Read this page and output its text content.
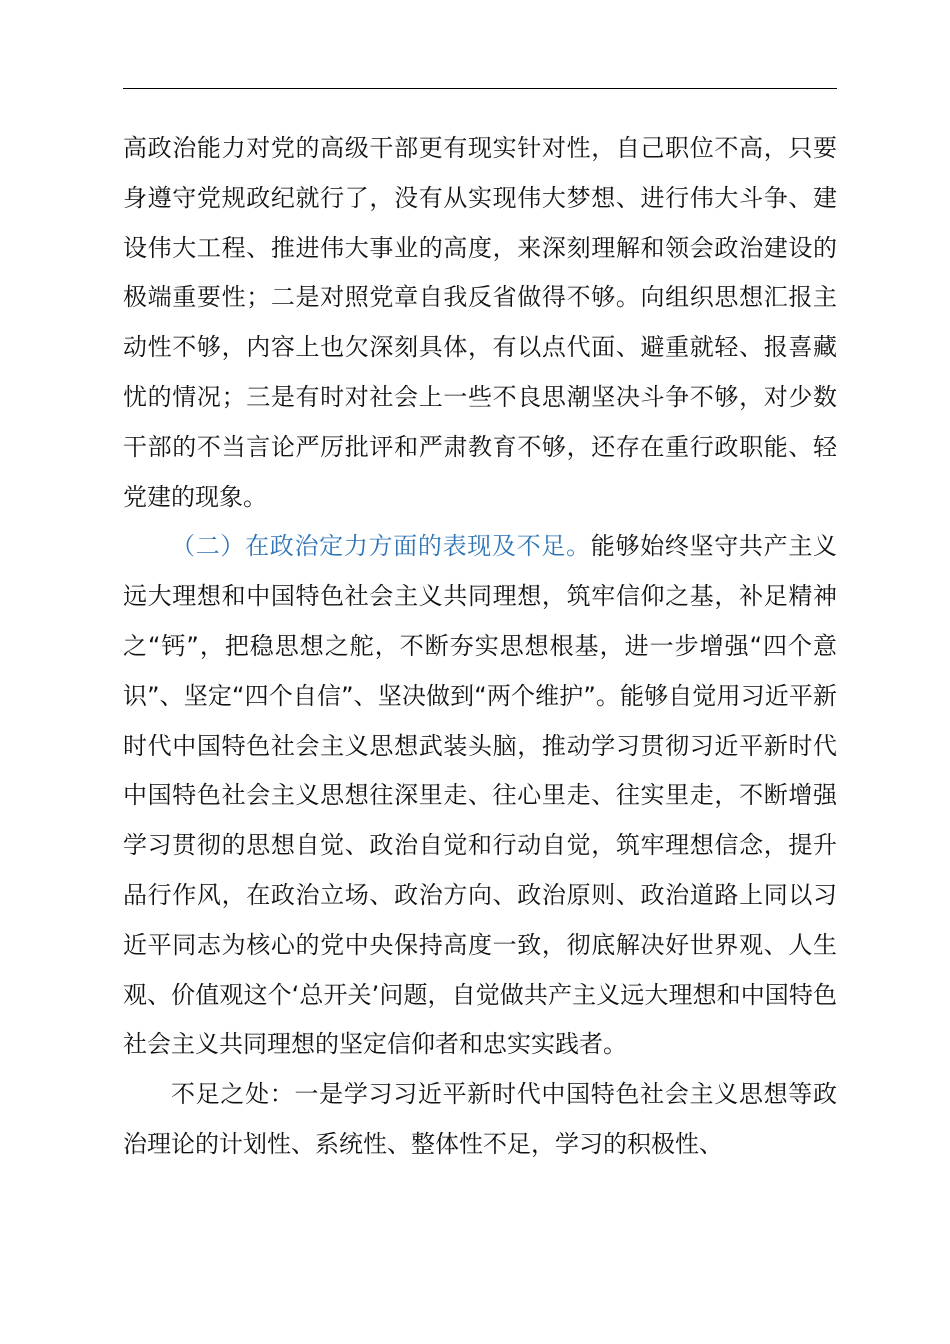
高政治能力对党的高级干部更有现实针对性，自己职位不高，只要身遵守党规政纪就行了，没有从实现伟大梦想、进行伟大斗争、建设伟大工程、推进伟大事业的高度，来深刻理解和领会政治建设的极端重要性；二是对照党章自我反省做得不够。向组织思想汇报主动性不够，内容上也欠深刻具体，有以点代面、避重就轻、报喜藏忧的情况；三是有时对社会上一些不良思潮坚决斗争不够，对少数干部的不当言论严厉批评和严肃教育不够，还存在重行政职能、轻党建的现象。

（二）在政治定力方面的表现及不足。能够始终坚守共产主义远大理想和中国特色社会主义共同理想，筑牢信仰之基，补足精神之“钙”，把稳思想之舵，不断夯实思想根基，进一步增强“四个意识”、坚定“四个自信”、坚决做到“两个维护”。能够自觉用习近平新时代中国特色社会主义思想武装头脑，推动学习贯彻习近平新时代中国特色社会主义思想往深里走、往心里走、往实里走，不断增强学习贯彻的思想自觉、政治自觉和行动自觉，筑牢理想信念，提升品行作风，在政治立场、政治方向、政治原则、政治道路上同以习近平同志为核心的党中央保持高度一致，彻底解决好世界观、人生观、价值观这个‘总开关’问题，自觉做共产主义远大理想和中国特色社会主义共同理想的坚定信仰者和忠实实践者。

不足之处：一是学习习近平新时代中国特色社会主义思想等政治理论的计划性、系统性、整体性不足，学习的积极性、
